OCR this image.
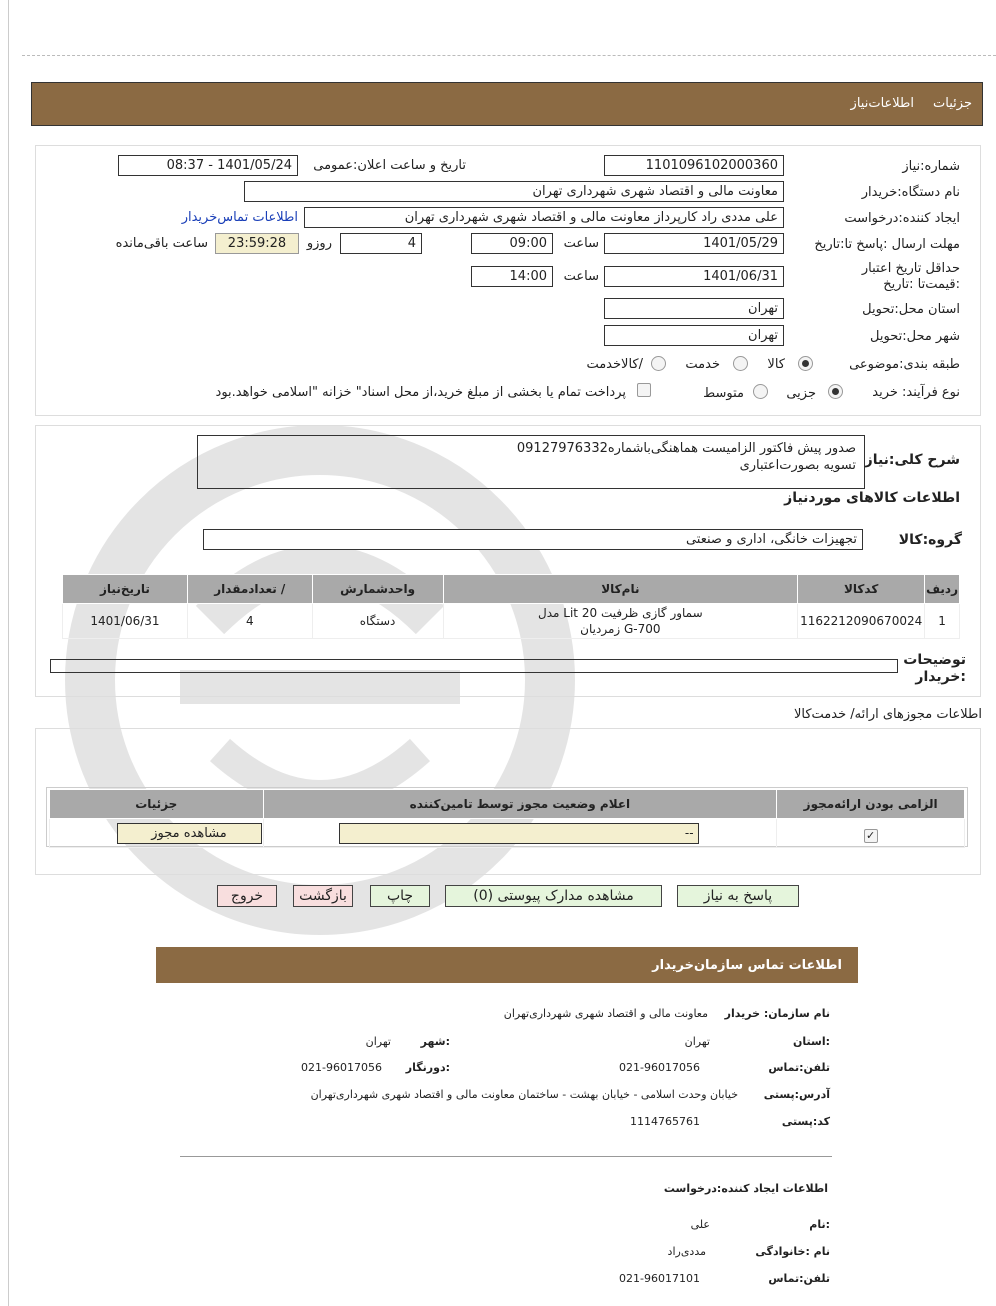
جزئیات
اطلاعات‌نیاز
شماره:نیاز
1101096102000360
تاریخ و ساعت اعلان:عمومی
1401/05/24 - 08:37
نام دستگاه:خریدار
معاونت مالی و اقتصاد شهری شهرداری تهران
ایجاد کننده:درخواست
علی مددی راد کارپرداز معاونت مالی و اقتصاد شهری شهرداری تهران
اطلاعات تماس‌خریدار
مهلت ارسال :پاسخ تا:تاریخ
1401/05/29
ساعت
09:00
4
روزو
23:59:28
ساعت باقی‌مانده
حداقل تاریخ اعتبار :قیمت‌تا :تاریخ
1401/06/31
ساعت
14:00
استان محل:تحویل
تهران
شهر محل:تحویل
تهران
طبقه بندی:موضوعی
کالا
خدمت
/کالاخدمت
نوع فرآیند: خرید
جزیی
متوسط
پرداخت تمام یا بخشی از مبلغ خرید،از محل اسناد" خزانه "اسلامی خواهد.بود
شرح کلی:نیاز
صدور پیش فاکتور الزامیست هماهنگی‌باشماره09127976332
تسویه بصورت‌اعتباری
اطلاعات کالاهای موردنیاز
گروه:کالا
تجهیزات خانگی، اداری و صنعتی
ردیف	کدکالا	نام‌کالا	واحدشمارش	/ تعدادمقدار	تاریخ‌نیاز
1	1162212090670024	سماور گازی ظرفیت 20 Lit مدل
G-700 زمردیان	دستگاه	4	1401/06/31
توضیحات :خریدار
اطلاعات مجوزهای ارائه/ خدمت‌کالا
الزامی بودن ارائه‌مجوز	اعلام وضعیت مجوز توسط تامین‌کننده	جزئیات
✓	--	مشاهده مجوز
پاسخ به نیاز
مشاهده مدارک پیوستی (0)
چاپ
بازگشت
خروج
اطلاعات تماس سازمان‌خریدار
نام سازمان: خریدار
معاونت مالی و اقتصاد شهری شهرداری‌تهران
:استان
تهران
:شهر
تهران
تلفن:تماس
021-96017056
:دورنگار
021-96017056
آدرس:پستی
خیابان وحدت اسلامی - خیابان بهشت - ساختمان معاونت مالی و اقتصاد شهری شهرداری‌تهران
کد:پستی
1114765761
اطلاعات ایجاد کننده:درخواست
:نام
علی
نام :خانوادگی
مددی‌راد
تلفن:تماس
021-96017101
